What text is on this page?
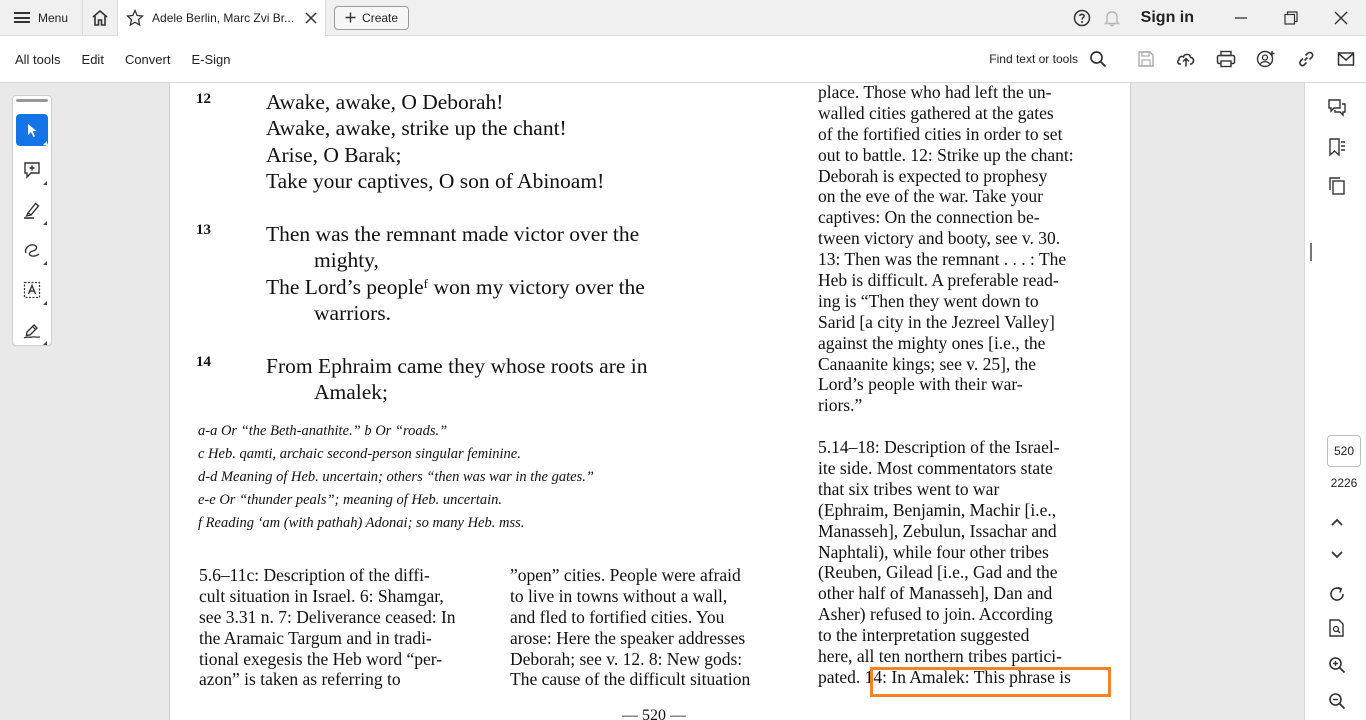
Menu	Adele Berlin, Marc Zvi Br...	Create	Sign in
All tools	Edit	Convert	E-Sign	Find text or tools
12	Awake, awake, O Deborah!
Awake, awake, strike up the chant!
Arise, O Barak;
Take your captives, O son of Abinoam!
13	Then was the remnant made victor over the
mighty,
The Lord’s peopleᶠ won my victory over the
warriors.
14	From Ephraim came they whose roots are in
Amalek;
a-a Or “the Beth-anathite.” b Or “roads.”
c Heb. qamti, archaic second-person singular feminine.
d-d Meaning of Heb. uncertain; others “then was war in the gates.”
e-e Or “thunder peals”; meaning of Heb. uncertain.
f Reading ‘am (with pathah) Adonai; so many Heb. mss.
5.6–11c: Description of the diffi-
cult situation in Israel. 6: Shamgar,
see 3.31 n. 7: Deliverance ceased: In
the Aramaic Targum and in tradi-
tional exegesis the Heb word “per-
azon” is taken as referring to
”open” cities. People were afraid
to live in towns without a wall,
and fled to fortified cities. You
arose: Here the speaker addresses
Deborah; see v. 12. 8: New gods:
The cause of the difficult situation
place. Those who had left the un-
walled cities gathered at the gates
of the fortified cities in order to set
out to battle. 12: Strike up the chant:
Deborah is expected to prophesy
on the eve of the war. Take your
captives: On the connection be-
tween victory and booty, see v. 30.
13: Then was the remnant . . . : The
Heb is difficult. A preferable read-
ing is “Then they went down to
Sarid [a city in the Jezreel Valley]
against the mighty ones [i.e., the
Canaanite kings; see v. 25], the
Lord’s people with their war-
riors.”
5.14–18: Description of the Israel-
ite side. Most commentators state
that six tribes went to war
(Ephraim, Benjamin, Machir [i.e.,
Manasseh], Zebulun, Issachar and
Naphtali), while four other tribes
(Reuben, Gilead [i.e., Gad and the
other half of Manasseh], Dan and
Asher) refused to join. According
to the interpretation suggested
here, all ten northern tribes partici-
pated. 14: In Amalek: This phrase is
— 520 —
520
2226
